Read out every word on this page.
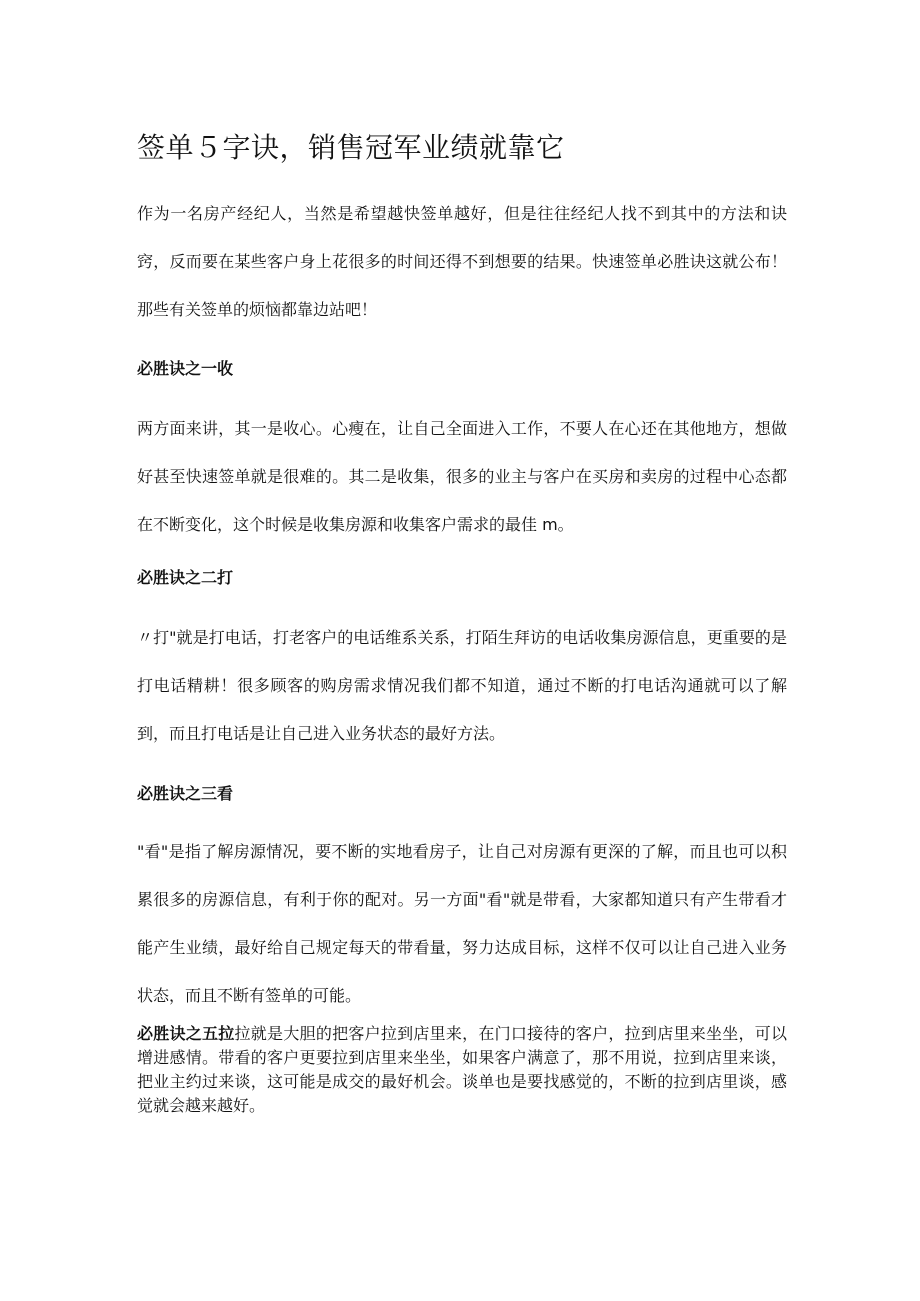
签单５字诀，销售冠军业绩就靠它

作为一名房产经纪人，当然是希望越快签单越好，但是往往经纪人找不到其中的方法和诀窍，反而要在某些客户身上花很多的时间还得不到想要的结果。快速签单必胜诀这就公布！那些有关签单的烦恼都靠边站吧！

必胜诀之一收

两方面来讲，其一是收心。心瘦在，让自己全面进入工作，不要人在心还在其他地方，想做好甚至快速签单就是很难的。其二是收集，很多的业主与客户在买房和卖房的过程中心态都在不断变化，这个时候是收集房源和收集客户需求的最佳 m。

必胜诀之二打

〃打"就是打电话，打老客户的电话维系关系，打陌生拜访的电话收集房源信息，更重要的是打电话精耕！很多顾客的购房需求情况我们都不知道，通过不断的打电话沟通就可以了解到，而且打电话是让自己进入业务状态的最好方法。

必胜诀之三看

"看"是指了解房源情况，要不断的实地看房子，让自己对房源有更深的了解，而且也可以积累很多的房源信息，有利于你的配对。另一方面"看"就是带看，大家都知道只有产生带看才能产生业绩，最好给自己规定每天的带看量，努力达成目标，这样不仅可以让自己进入业务状态，而且不断有签单的可能。

必胜诀之五拉拉就是大胆的把客户拉到店里来，在门口接待的客户，拉到店里来坐坐，可以增进感情。带看的客户更要拉到店里来坐坐，如果客户满意了，那不用说，拉到店里来谈，把业主约过来谈，这可能是成交的最好机会。谈单也是要找感觉的，不断的拉到店里谈，感觉就会越来越好。
